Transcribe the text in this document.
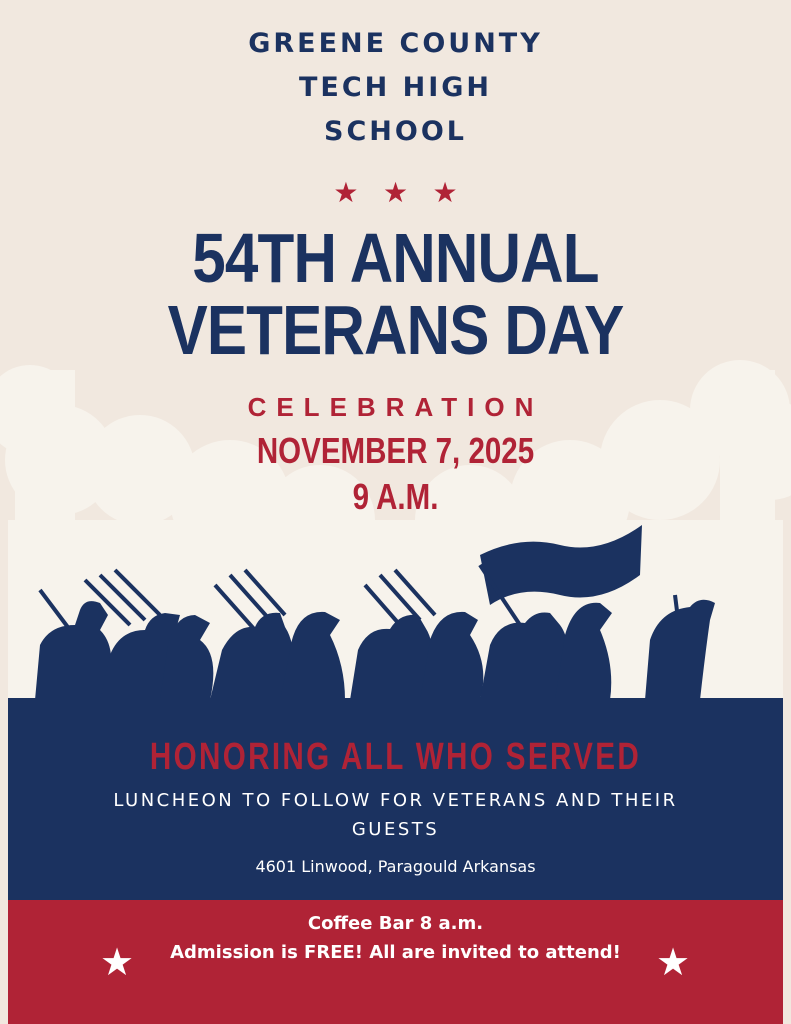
GREENE COUNTY
TECH HIGH
SCHOOL
★ ★ ★
54TH ANNUAL
VETERANS DAY
CELEBRATION
NOVEMBER 7, 2025
9 A.M.
HONORING ALL WHO SERVED
LUNCHEON TO FOLLOW FOR VETERANS AND THEIR GUESTS
4601 Linwood, Paragould Arkansas
Coffee Bar 8 a.m.
Admission is FREE! All are invited to attend!
★	★
